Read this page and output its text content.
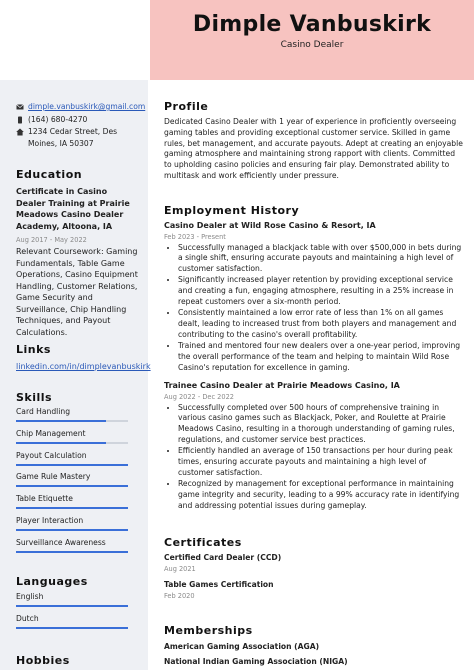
Dimple Vanbuskirk
Casino Dealer
dimple.vanbuskirk@gmail.com
(164) 680-4270
1234 Cedar Street, Des Moines, IA 50307
Education
Certificate in Casino Dealer Training at Prairie Meadows Casino Dealer Academy, Altoona, IA
Aug 2017 - May 2022
Relevant Coursework: Gaming Fundamentals, Table Game Operations, Casino Equipment Handling, Customer Relations, Game Security and Surveillance, Chip Handling Techniques, and Payout Calculations.
Links
linkedin.com/in/dimplevanbuskirk
Skills
Card Handling
Chip Management
Payout Calculation
Game Rule Mastery
Table Etiquette
Player Interaction
Surveillance Awareness
Languages
English
Dutch
Hobbies
Profile
Dedicated Casino Dealer with 1 year of experience in proficiently overseeing gaming tables and providing exceptional customer service. Skilled in game rules, bet management, and accurate payouts. Adept at creating an enjoyable gaming atmosphere and maintaining strong rapport with clients. Committed to upholding casino policies and ensuring fair play. Demonstrated ability to multitask and work efficiently under pressure.
Employment History
Casino Dealer at Wild Rose Casino & Resort, IA
Feb 2023 - Present
• Successfully managed a blackjack table with over $500,000 in bets during a single shift, ensuring accurate payouts and maintaining a high level of customer satisfaction.
• Significantly increased player retention by providing exceptional service and creating a fun, engaging atmosphere, resulting in a 25% increase in repeat customers over a six-month period.
• Consistently maintained a low error rate of less than 1% on all games dealt, leading to increased trust from both players and management and contributing to the casino's overall profitability.
• Trained and mentored four new dealers over a one-year period, improving the overall performance of the team and helping to maintain Wild Rose Casino's reputation for excellence in gaming.
Trainee Casino Dealer at Prairie Meadows Casino, IA
Aug 2022 - Dec 2022
• Successfully completed over 500 hours of comprehensive training in various casino games such as Blackjack, Poker, and Roulette at Prairie Meadows Casino, resulting in a thorough understanding of gaming rules, regulations, and customer service best practices.
• Efficiently handled an average of 150 transactions per hour during peak times, ensuring accurate payouts and maintaining a high level of customer satisfaction.
• Recognized by management for exceptional performance in maintaining game integrity and security, leading to a 99% accuracy rate in identifying and addressing potential issues during gameplay.
Certificates
Certified Card Dealer (CCD)
Aug 2021
Table Games Certification
Feb 2020
Memberships
American Gaming Association (AGA)
National Indian Gaming Association (NIGA)
